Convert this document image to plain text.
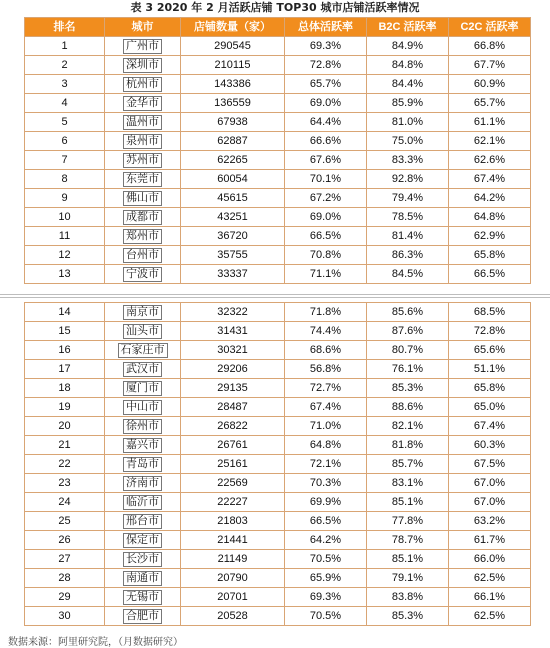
表 3 2020 年 2 月活跃店铺 TOP30 城市店铺活跃率情况
排名	城市	店铺数量（家）	总体活跃率	B2C 活跃率	C2C 活跃率
1	广州市	290545	69.3%	84.9%	66.8%
2	深圳市	210115	72.8%	84.8%	67.7%
3	杭州市	143386	65.7%	84.4%	60.9%
4	金华市	136559	69.0%	85.9%	65.7%
5	温州市	67938	64.4%	81.0%	61.1%
6	泉州市	62887	66.6%	75.0%	62.1%
7	苏州市	62265	67.6%	83.3%	62.6%
8	东莞市	60054	70.1%	92.8%	67.4%
9	佛山市	45615	67.2%	79.4%	64.2%
10	成都市	43251	69.0%	78.5%	64.8%
11	郑州市	36720	66.5%	81.4%	62.9%
12	台州市	35755	70.8%	86.3%	65.8%
13	宁波市	33337	71.1%	84.5%	66.5%
14	南京市	32322	71.8%	85.6%	68.5%
15	汕头市	31431	74.4%	87.6%	72.8%
16	石家庄市	30321	68.6%	80.7%	65.6%
17	武汉市	29206	56.8%	76.1%	51.1%
18	厦门市	29135	72.7%	85.3%	65.8%
19	中山市	28487	67.4%	88.6%	65.0%
20	徐州市	26822	71.0%	82.1%	67.4%
21	嘉兴市	26761	64.8%	81.8%	60.3%
22	青岛市	25161	72.1%	85.7%	67.5%
23	济南市	22569	70.3%	83.1%	67.0%
24	临沂市	22227	69.9%	85.1%	67.0%
25	邢台市	21803	66.5%	77.8%	63.2%
26	保定市	21441	64.2%	78.7%	61.7%
27	长沙市	21149	70.5%	85.1%	66.0%
28	南通市	20790	65.9%	79.1%	62.5%
29	无锡市	20701	69.3%	83.8%	66.1%
30	合肥市	20528	70.5%	85.3%	62.5%
数据来源：阿里研究院，（月数据研究）
